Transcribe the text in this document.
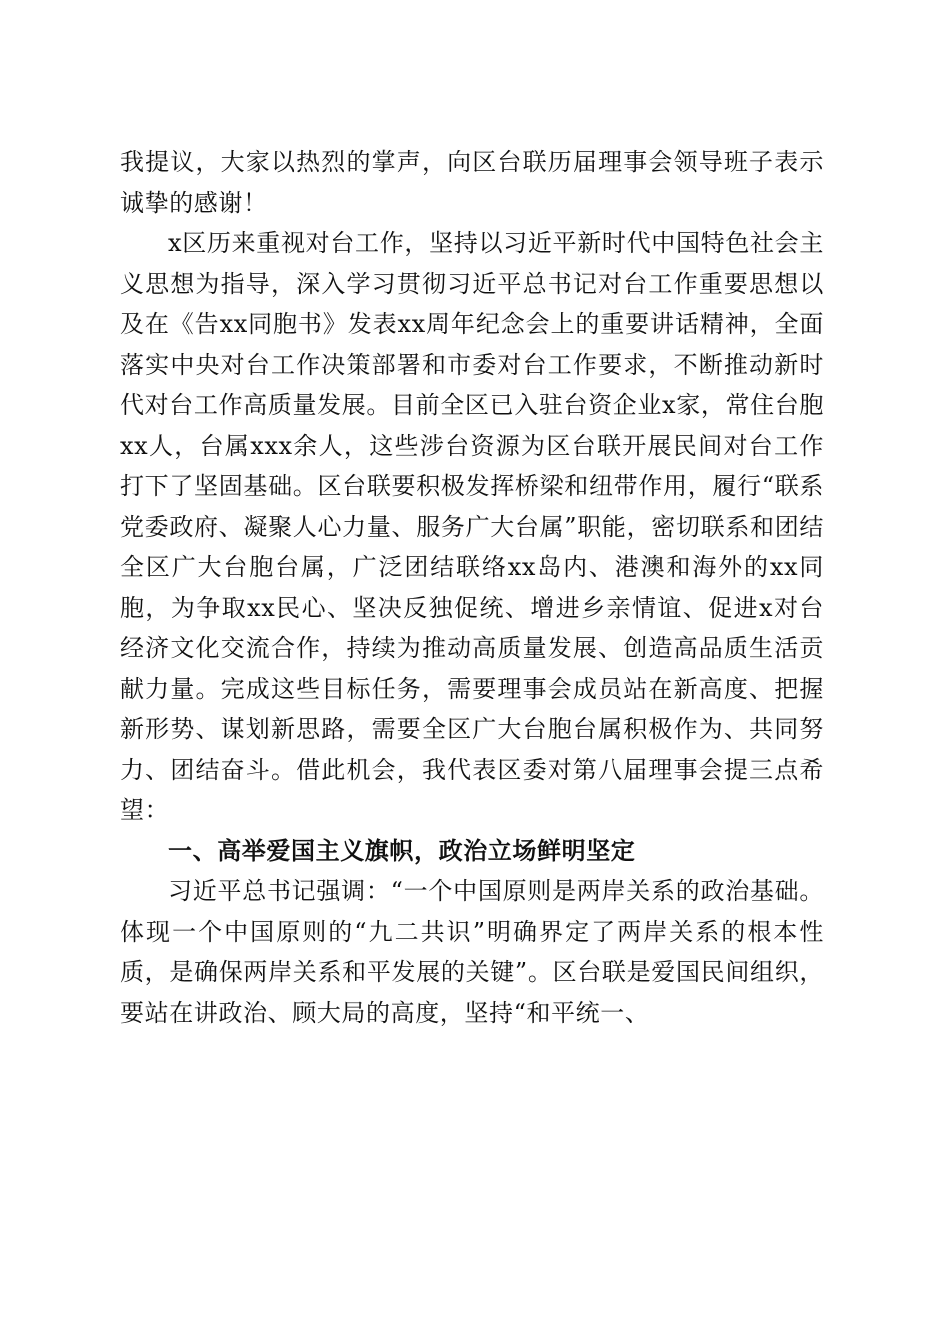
我提议，大家以热烈的掌声，向区台联历届理事会领导班子表示诚挚的感谢！

x区历来重视对台工作，坚持以习近平新时代中国特色社会主义思想为指导，深入学习贯彻习近平总书记对台工作重要思想以及在《告xx同胞书》发表xx周年纪念会上的重要讲话精神，全面落实中央对台工作决策部署和市委对台工作要求，不断推动新时代对台工作高质量发展。目前全区已入驻台资企业x家，常住台胞xx人，台属xxx余人，这些涉台资源为区台联开展民间对台工作打下了坚固基础。区台联要积极发挥桥梁和纽带作用，履行“联系党委政府、凝聚人心力量、服务广大台属”职能，密切联系和团结全区广大台胞台属，广泛团结联络xx岛内、港澳和海外的xx同胞，为争取xx民心、坚决反独促统、增进乡亲情谊、促进x对台经济文化交流合作，持续为推动高质量发展、创造高品质生活贡献力量。完成这些目标任务，需要理事会成员站在新高度、把握新形势、谋划新思路，需要全区广大台胞台属积极作为、共同努力、团结奋斗。借此机会，我代表区委对第八届理事会提三点希望：

一、高举爱国主义旗帜，政治立场鲜明坚定

习近平总书记强调：“一个中国原则是两岸关系的政治基础。体现一个中国原则的“九二共识”明确界定了两岸关系的根本性质，是确保两岸关系和平发展的关键”。区台联是爱国民间组织，要站在讲政治、顾大局的高度，坚持“和平统一、
